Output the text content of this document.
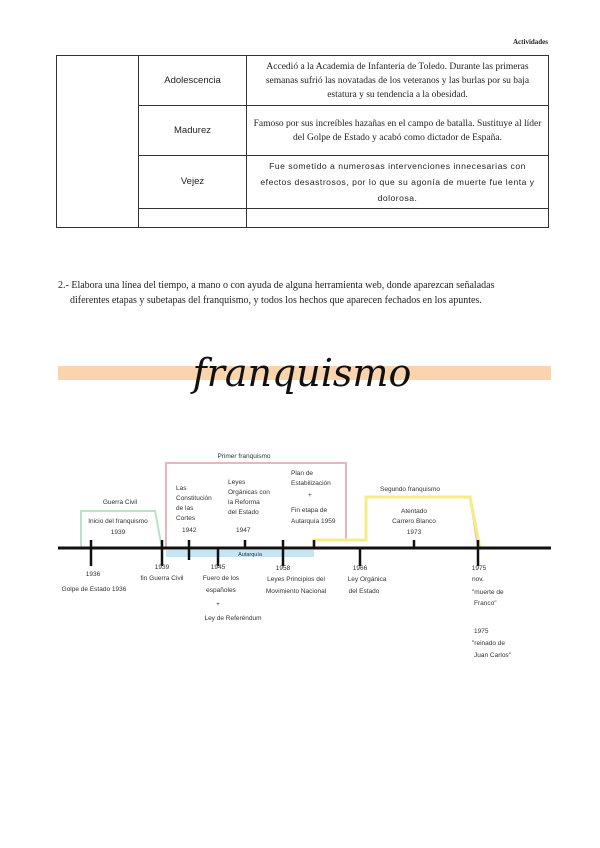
Actividades
	Adolescencia	Accedió a la Academia de Infantería de Toledo. Durante las primeras semanas sufrió las novatadas de los veteranos y las burlas por su baja estatura y su tendencia a la obesidad.
	Madurez	Famoso por sus increíbles hazañas en el campo de batalla. Sustituye al líder del Golpe de Estado y acabó como dictador de España.
	Vejez	Fue sometido a numerosas intervenciones innecesarias con efectos desastrosos, por lo que su agonía de muerte fue lenta y dolorosa.

2.- Elabora una línea del tiempo, a mano o con ayuda de alguna herramienta web, donde aparezcan señaladas
diferentes etapas y subetapas del franquismo, y todos los hechos que aparecen fechados en los apuntes.
franquismo
Guerra Civil
Inicio del franquismo
1939
Primer franquismo
Las
Constitución
de las
Cortes
1942
Leyes
Orgánicas con
la Reforma
del Estado
1947
Plan de
Estabilización
+
Fin etapa de
Autarquía 1959
Segundo franquismo
Atentado
Carrero Blanco
1973
Autarquía
1936
Golpe de Estado 1936
1939
fin Guerra Civil
1945
Fuero de los
españoles
+
Ley de Referéndum
1958
Leyes Principios del
Movimiento Nacional
1966
Ley Orgánica
del Estado
1975
nov.
"muerte de
Franco"
1975
"reinado de
Juan Carlos"
